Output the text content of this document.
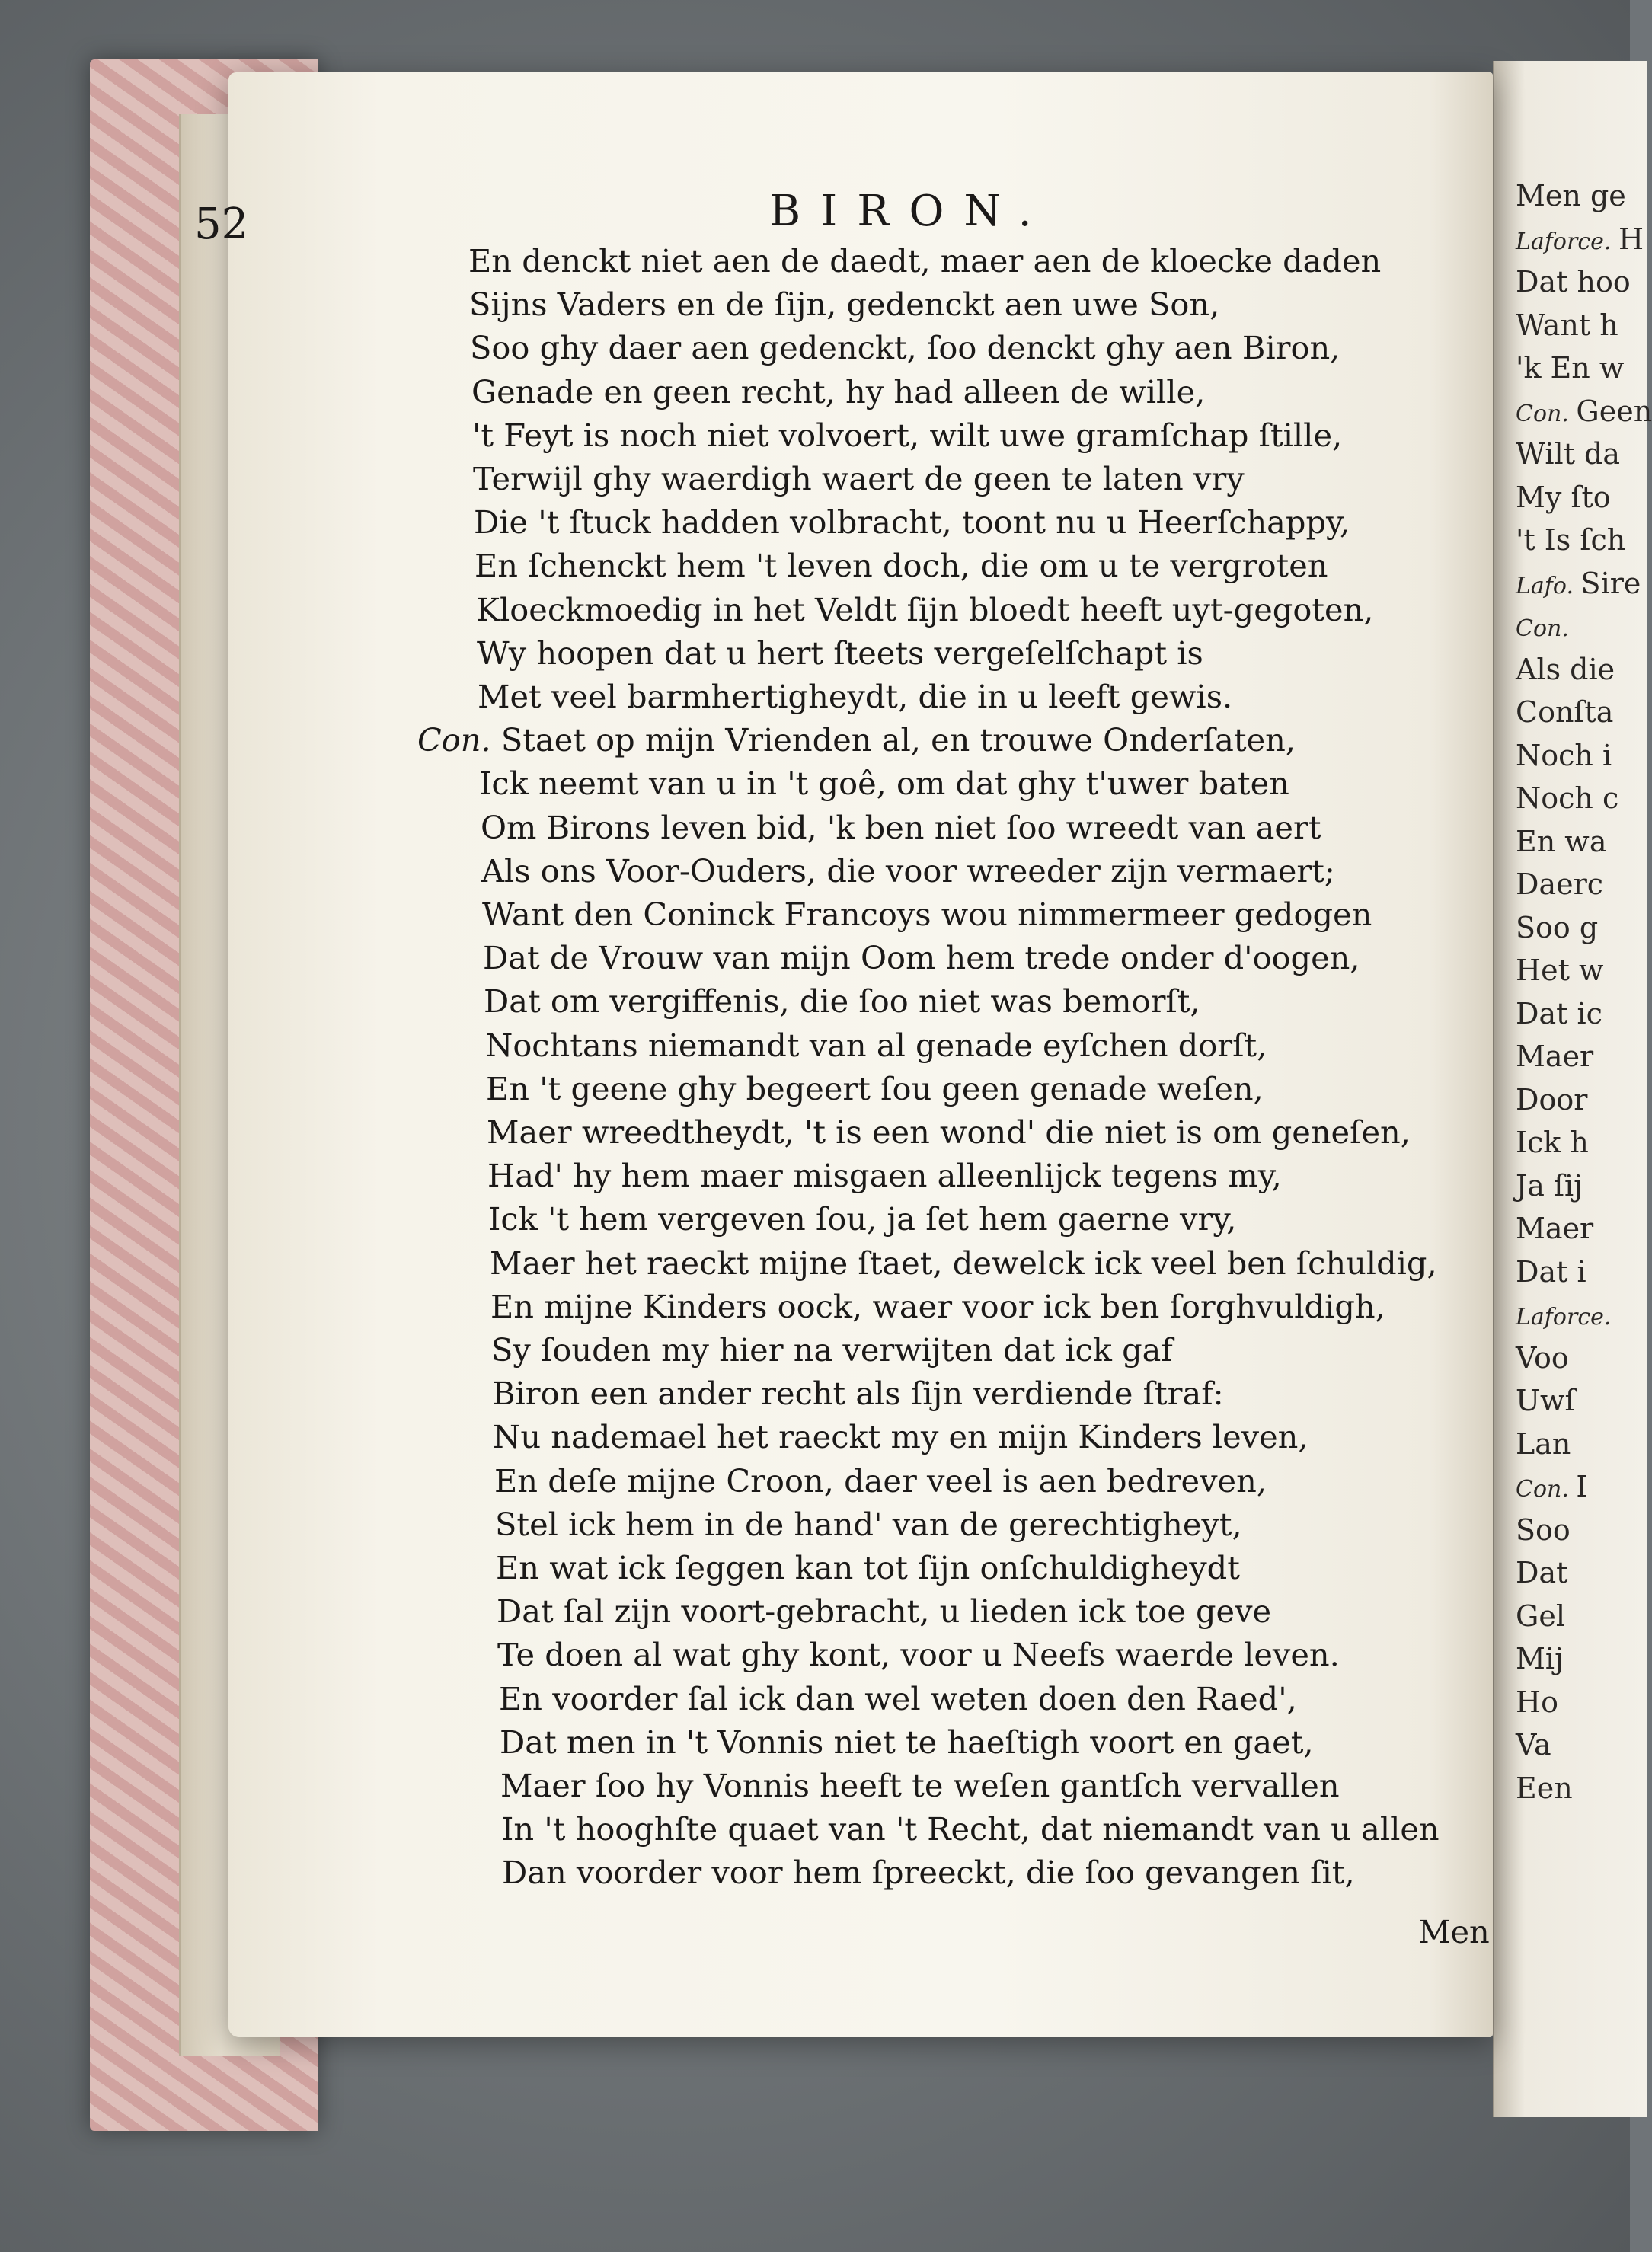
52	BIRON.
En denckt niet aen de daedt, maer aen de kloecke daden
Sijns Vaders en de ſijn, gedenckt aen uwe Son,
Soo ghy daer aen gedenckt, ſoo denckt ghy aen Biron,
Genade en geen recht, hy had alleen de wille,
't Feyt is noch niet volvoert, wilt uwe gramſchap ſtille,
Terwijl ghy waerdigh waert de geen te laten vry
Die 't ſtuck hadden volbracht, toont nu u Heerſchappy,
En ſchenckt hem 't leven doch, die om u te vergroten
Kloeckmoedig in het Veldt ſijn bloedt heeft uyt-gegoten,
Wy hoopen dat u hert ſteets vergeſelſchapt is
Met veel barmhertigheydt, die in u leeft gewis.
Con. Staet op mijn Vrienden al, en trouwe Onderſaten,
Ick neemt van u in 't goê, om dat ghy t'uwer baten
Om Birons leven bid, 'k ben niet ſoo wreedt van aert
Als ons Voor-Ouders, die voor wreeder zijn vermaert;
Want den Coninck Francoys wou nimmermeer gedogen
Dat de Vrouw van mijn Oom hem trede onder d'oogen,
Dat om vergiffenis, die ſoo niet was bemorſt,
Nochtans niemandt van al genade eyſchen dorſt,
En 't geene ghy begeert ſou geen genade weſen,
Maer wreedtheydt, 't is een wond' die niet is om geneſen,
Had' hy hem maer misgaen alleenlijck tegens my,
Ick 't hem vergeven ſou, ja ſet hem gaerne vry,
Maer het raeckt mijne ſtaet, dewelck ick veel ben ſchuldig,
En mijne Kinders oock, waer voor ick ben ſorghvuldigh,
Sy ſouden my hier na verwijten dat ick gaf
Biron een ander recht als ſijn verdiende ſtraf:
Nu nademael het raeckt my en mijn Kinders leven,
En deſe mijne Croon, daer veel is aen bedreven,
Stel ick hem in de hand' van de gerechtigheyt,
En wat ick ſeggen kan tot ſijn onſchuldigheydt
Dat ſal zijn voort-gebracht, u lieden ick toe geve
Te doen al wat ghy kont, voor u Neefs waerde leven.
En voorder ſal ick dan wel weten doen den Raed',
Dat men in 't Vonnis niet te haeſtigh voort en gaet,
Maer ſoo hy Vonnis heeft te weſen gantſch vervallen
In 't hooghſte quaet van 't Recht, dat niemandt van u allen
Dan voorder voor hem ſpreeckt, die ſoo gevangen ſit,
Men
Men ge
Laforce. H
Dat hoo
Want h
'k En w
Con. Geen
Wilt da
My ſto
't Is ſch
Lafo. Sire
Con.
Als die
Conſta
Noch i
Noch c
En wa
Daerc
Soo g
Het w
Dat ic
Maer
Door
Ick h
Ja ſij
Maer
Dat i
Laforce.
Voo
Uwſ
Lan
Con. I
Soo
Dat
Gel
Mij
Ho
Va
Een
